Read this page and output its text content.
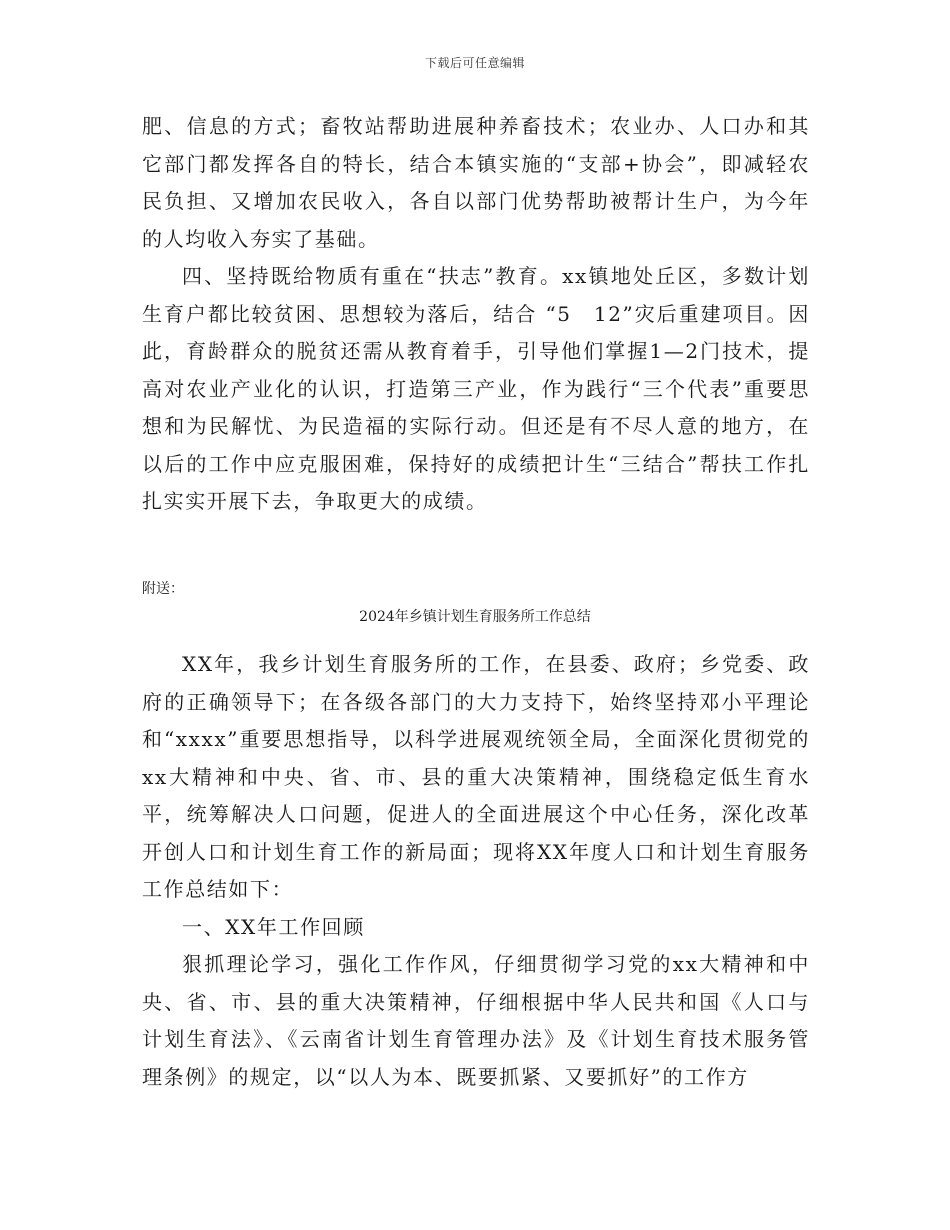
下载后可任意编辑

肥、信息的方式；畜牧站帮助进展种养畜技术；农业办、人口办和其它部门都发挥各自的特长，结合本镇实施的“支部+协会”，即减轻农民负担、又增加农民收入，各自以部门优势帮助被帮计生户，为今年的人均收入夯实了基础。

四、坚持既给物质有重在“扶志”教育。xx镇地处丘区，多数计划生育户都比较贫困、思想较为落后，结合 “5　12”灾后重建项目。因此，育龄群众的脱贫还需从教育着手，引导他们掌握1—2门技术，提高对农业产业化的认识，打造第三产业，作为践行“三个代表”重要思想和为民解忧、为民造福的实际行动。但还是有不尽人意的地方，在以后的工作中应克服困难，保持好的成绩把计生“三结合”帮扶工作扎扎实实开展下去，争取更大的成绩。

附送：
2024年乡镇计划生育服务所工作总结

XX年，我乡计划生育服务所的工作，在县委、政府；乡党委、政府的正确领导下；在各级各部门的大力支持下，始终坚持邓小平理论和“xxxx”重要思想指导，以科学进展观统领全局，全面深化贯彻党的xx大精神和中央、省、市、县的重大决策精神，围绕稳定低生育水平，统筹解决人口问题，促进人的全面进展这个中心任务，深化改革开创人口和计划生育工作的新局面；现将XX年度人口和计划生育服务工作总结如下：

一、XX年工作回顾

狠抓理论学习，强化工作作风，仔细贯彻学习党的xx大精神和中央、省、市、县的重大决策精神，仔细根据中华人民共和国《人口与计划生育法》、《云南省计划生育管理办法》及《计划生育技术服务管理条例》的规定，以“以人为本、既要抓紧、又要抓好”的工作方
